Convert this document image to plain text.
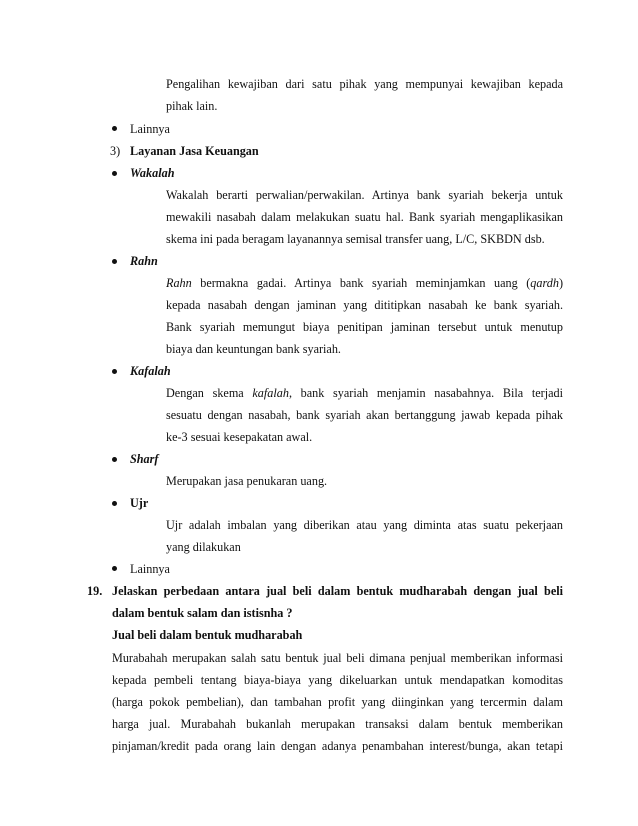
Pengalihan kewajiban dari satu pihak yang mempunyai kewajiban kepada
pihak lain.
Lainnya
3) Layanan Jasa Keuangan
Wakalah
Wakalah berarti perwalian/perwakilan. Artinya bank syariah bekerja untuk
mewakili nasabah dalam melakukan suatu hal. Bank syariah mengaplikasikan
skema ini pada beragam layanannya semisal transfer uang, L/C, SKBDN dsb.
Rahn
Rahn bermakna gadai. Artinya bank syariah meminjamkan uang (qardh)
kepada nasabah dengan jaminan yang dititipkan nasabah ke bank syariah.
Bank syariah memungut biaya penitipan jaminan tersebut untuk menutup
biaya dan keuntungan bank syariah.
Kafalah
Dengan skema kafalah, bank syariah menjamin nasabahnya. Bila terjadi
sesuatu dengan nasabah, bank syariah akan bertanggung jawab kepada pihak
ke-3 sesuai kesepakatan awal.
Sharf
Merupakan jasa penukaran uang.
Ujr
Ujr adalah imbalan yang diberikan atau yang diminta atas suatu pekerjaan
yang dilakukan
Lainnya
19. Jelaskan perbedaan antara jual beli dalam bentuk mudharabah dengan jual beli
dalam bentuk salam dan istisnha ?
Jual beli dalam bentuk mudharabah
Murabahah merupakan salah satu bentuk jual beli dimana penjual memberikan informasi
kepada pembeli tentang biaya-biaya yang dikeluarkan untuk mendapatkan komoditas
(harga pokok pembelian), dan tambahan profit yang diinginkan yang tercermin dalam
harga jual. Murabahah bukanlah merupakan transaksi dalam bentuk memberikan
pinjaman/kredit pada orang lain dengan adanya penambahan interest/bunga, akan tetapi
